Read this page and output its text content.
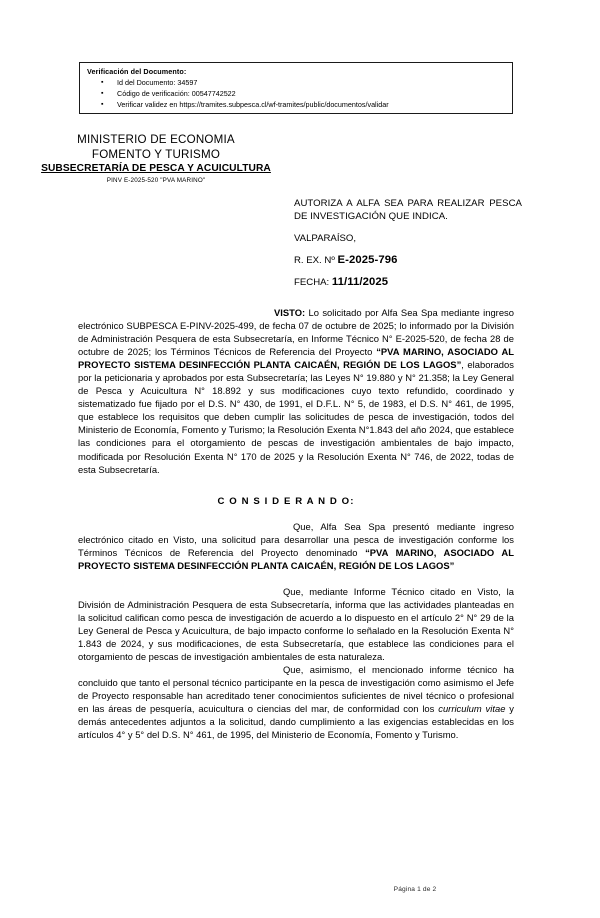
Verificación del Documento:
▪ Id del Documento: 34597
▪ Código de verificación: 00547742522
▪ Verificar validez en https://tramites.subpesca.cl/wf-tramites/public/documentos/validar
MINISTERIO DE ECONOMIA
FOMENTO Y TURISMO
SUBSECRETARÍA DE PESCA Y ACUICULTURA
PINV E-2025-520 "PVA MARINO"
AUTORIZA A ALFA SEA PARA REALIZAR PESCA DE INVESTIGACIÓN QUE INDICA.
VALPARAÍSO,
R. EX. Nº E-2025-796
FECHA: 11/11/2025

VISTO: Lo solicitado por Alfa Sea Spa mediante ingreso electrónico SUBPESCA E-PINV-2025-499, de fecha 07 de octubre de 2025; lo informado por la División de Administración Pesquera de esta Subsecretaría, en Informe Técnico N° E-2025-520, de fecha 28 de octubre de 2025; los Términos Técnicos de Referencia del Proyecto “PVA MARINO, ASOCIADO AL PROYECTO SISTEMA DESINFECCIÓN PLANTA CAICAÉN, REGIÓN DE LOS LAGOS”, elaborados por la peticionaria y aprobados por esta Subsecretaría; las Leyes N° 19.880 y N° 21.358; la Ley General de Pesca y Acuicultura N° 18.892 y sus modificaciones cuyo texto refundido, coordinado y sistematizado fue fijado por el D.S. N° 430, de 1991, el D.F.L. N° 5, de 1983, el D.S. N° 461, de 1995, que establece los requisitos que deben cumplir las solicitudes de pesca de investigación, todos del Ministerio de Economía, Fomento y Turismo; la Resolución Exenta N°1.843 del año 2024, que establece las condiciones para el otorgamiento de pescas de investigación ambientales de bajo impacto, modificada por Resolución Exenta N° 170 de 2025 y la Resolución Exenta N° 746, de 2022, todas de esta Subsecretaría.

C O N S I D E R A N D O:

Que, Alfa Sea Spa presentó mediante ingreso electrónico citado en Visto, una solicitud para desarrollar una pesca de investigación conforme los Términos Técnicos de Referencia del Proyecto denominado “PVA MARINO, ASOCIADO AL PROYECTO SISTEMA DESINFECCIÓN PLANTA CAICAÉN, REGIÓN DE LOS LAGOS”

Que, mediante Informe Técnico citado en Visto, la División de Administración Pesquera de esta Subsecretaría, informa que las actividades planteadas en la solicitud califican como pesca de investigación de acuerdo a lo dispuesto en el artículo 2° N° 29 de la Ley General de Pesca y Acuicultura, de bajo impacto conforme lo señalado en la Resolución Exenta N° 1.843 de 2024, y sus modificaciones, de esta Subsecretaría, que establece las condiciones para el otorgamiento de pescas de investigación ambientales de esta naturaleza.

Que, asimismo, el mencionado informe técnico ha concluido que tanto el personal técnico participante en la pesca de investigación como asimismo el Jefe de Proyecto responsable han acreditado tener conocimientos suficientes de nivel técnico o profesional en las áreas de pesquería, acuicultura o ciencias del mar, de conformidad con los curriculum vitae y demás antecedentes adjuntos a la solicitud, dando cumplimiento a las exigencias establecidas en los artículos 4° y 5° del D.S. N° 461, de 1995, del Ministerio de Economía, Fomento y Turismo.

Página 1 de 2
